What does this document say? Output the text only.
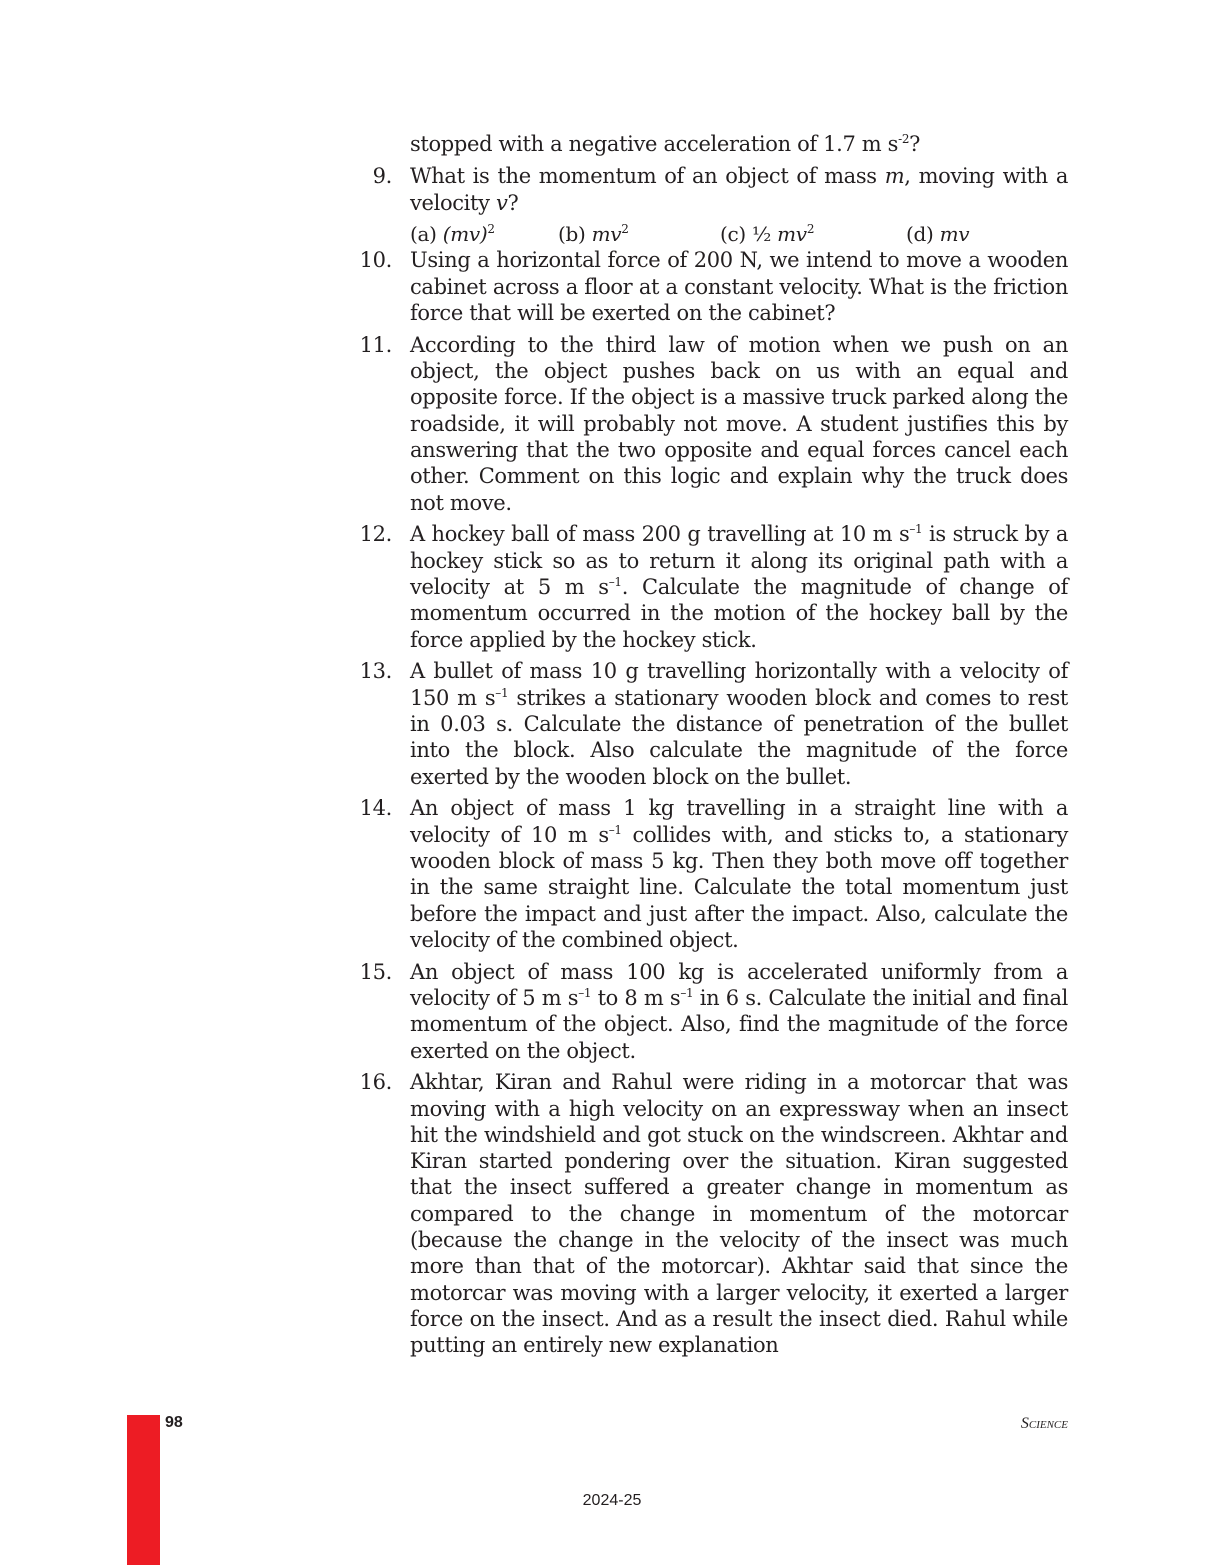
stopped with a negative acceleration of 1.7 m $s^{-2}$?
9. What is the momentum of an object of mass m, moving with a velocity v?
(a) (mv)$^2$	(b) $mv^2$	(c) ½ $mv^2$	(d) mv
10. Using a horizontal force of 200 N, we intend to move a wooden cabinet across a floor at a constant velocity. What is the friction force that will be exerted on the cabinet?
11. According to the third law of motion when we push on an object, the object pushes back on us with an equal and opposite force. If the object is a massive truck parked along the roadside, it will probably not move. A student justifies this by answering that the two opposite and equal forces cancel each other. Comment on this logic and explain why the truck does not move.
12. A hockey ball of mass 200 g travelling at 10 m $s^{-1}$ is struck by a hockey stick so as to return it along its original path with a velocity at 5 m $s^{-1}$. Calculate the magnitude of change of momentum occurred in the motion of the hockey ball by the force applied by the hockey stick.
13. A bullet of mass 10 g travelling horizontally with a velocity of 150 m $s^{-1}$ strikes a stationary wooden block and comes to rest in 0.03 s. Calculate the distance of penetration of the bullet into the block. Also calculate the magnitude of the force exerted by the wooden block on the bullet.
14. An object of mass 1 kg travelling in a straight line with a velocity of 10 m $s^{-1}$ collides with, and sticks to, a stationary wooden block of mass 5 kg. Then they both move off together in the same straight line. Calculate the total momentum just before the impact and just after the impact. Also, calculate the velocity of the combined object.
15. An object of mass 100 kg is accelerated uniformly from a velocity of 5 m $s^{-1}$ to 8 m $s^{-1}$ in 6 s. Calculate the initial and final momentum of the object. Also, find the magnitude of the force exerted on the object.
16. Akhtar, Kiran and Rahul were riding in a motorcar that was moving with a high velocity on an expressway when an insect hit the windshield and got stuck on the windscreen. Akhtar and Kiran started pondering over the situation. Kiran suggested that the insect suffered a greater change in momentum as compared to the change in momentum of the motorcar (because the change in the velocity of the insect was much more than that of the motorcar). Akhtar said that since the motorcar was moving with a larger velocity, it exerted a larger force on the insect. And as a result the insect died. Rahul while putting an entirely new explanation
98	Science
2024-25
